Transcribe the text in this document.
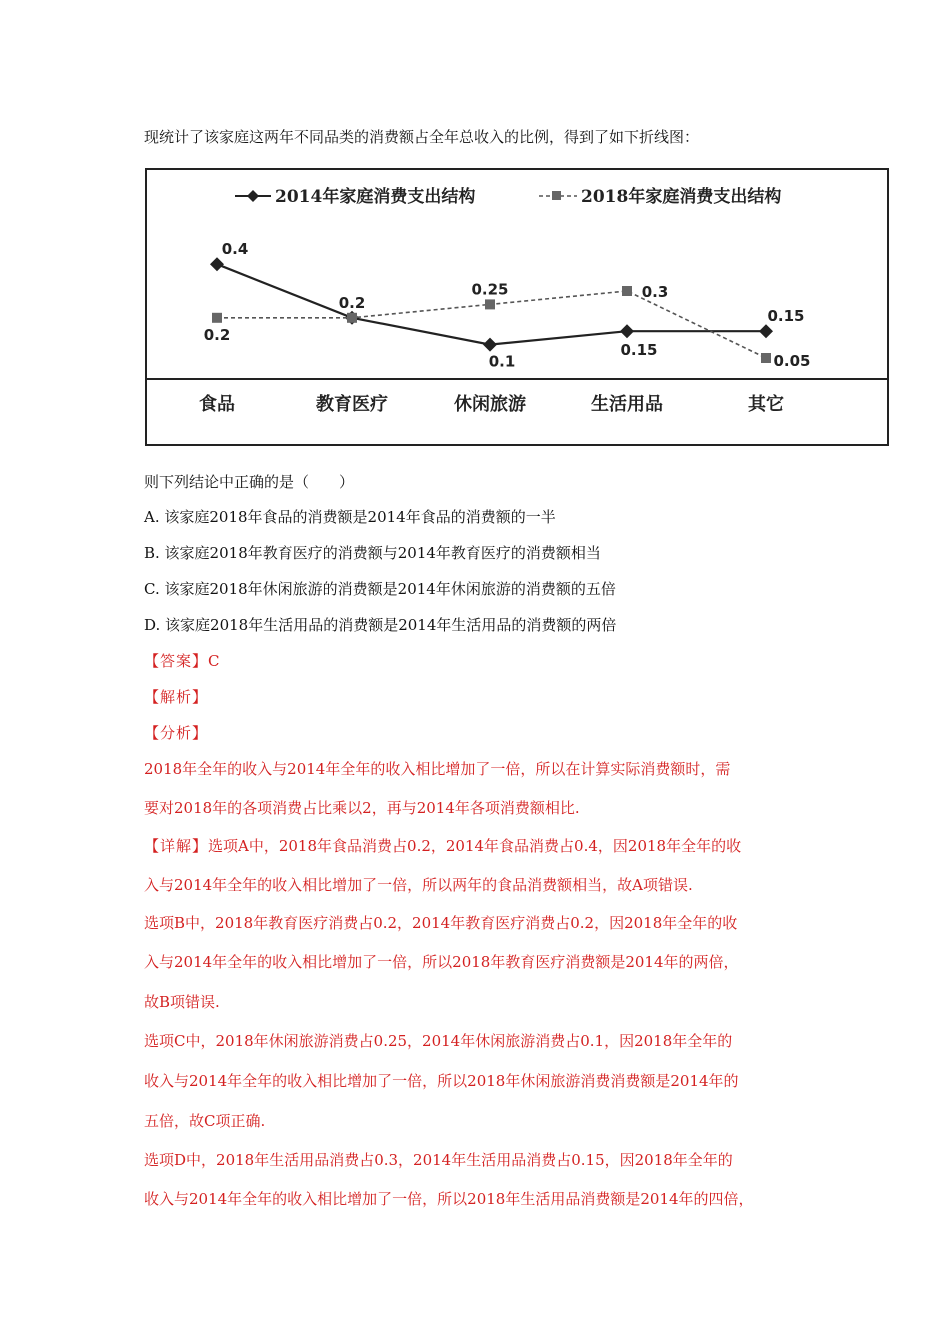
现统计了该家庭这两年不同品类的消费额占全年总收入的比例，得到了如下折线图：
2014年家庭消费支出结构	2018年家庭消费支出结构
食品	教育医疗	休闲旅游	生活用品	其它
0.4
0.2
0.1
0.15
0.15
0.2
0.25	0.3
0.05
则下列结论中正确的是（　　）
A. 该家庭2018年食品的消费额是2014年食品的消费额的一半
B. 该家庭2018年教育医疗的消费额与2014年教育医疗的消费额相当
C. 该家庭2018年休闲旅游的消费额是2014年休闲旅游的消费额的五倍
D. 该家庭2018年生活用品的消费额是2014年生活用品的消费额的两倍
【答案】C
【解析】
【分析】
2018年全年的收入与2014年全年的收入相比增加了一倍，所以在计算实际消费额时，需
要对2018年的各项消费占比乘以2，再与2014年各项消费额相比.
【详解】选项A中，2018年食品消费占0.2，2014年食品消费占0.4，因2018年全年的收
入与2014年全年的收入相比增加了一倍，所以两年的食品消费额相当，故A项错误.
选项B中，2018年教育医疗消费占0.2，2014年教育医疗消费占0.2，因2018年全年的收
入与2014年全年的收入相比增加了一倍，所以2018年教育医疗消费额是2014年的两倍，
故B项错误.
选项C中，2018年休闲旅游消费占0.25，2014年休闲旅游消费占0.1，因2018年全年的
收入与2014年全年的收入相比增加了一倍，所以2018年休闲旅游消费消费额是2014年的
五倍，故C项正确.
选项D中，2018年生活用品消费占0.3，2014年生活用品消费占0.15，因2018年全年的
收入与2014年全年的收入相比增加了一倍，所以2018年生活用品消费额是2014年的四倍，
